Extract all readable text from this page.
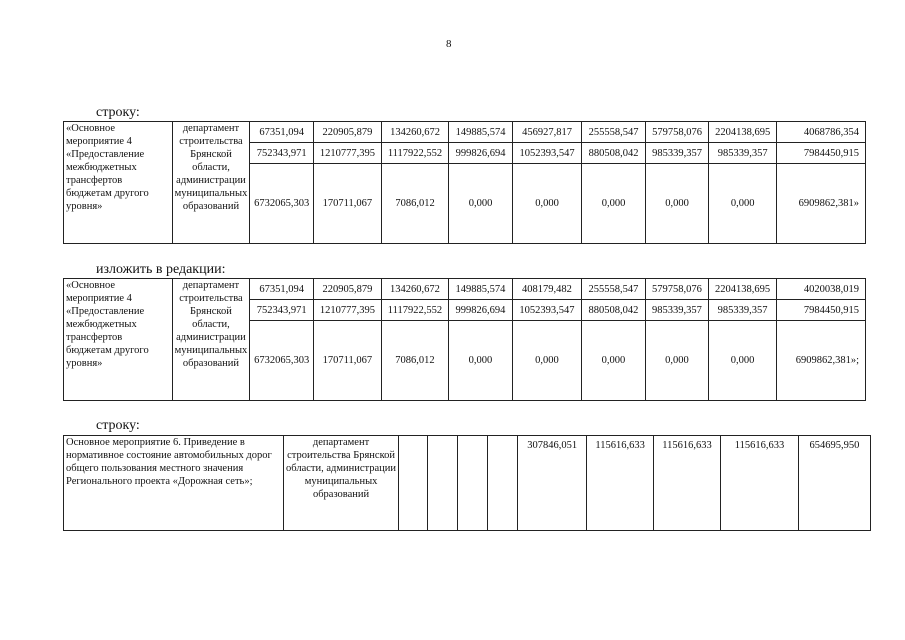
8
строку:
«Основное мероприятие 4 «Предоставление межбюджетных трансфертов бюджетам другого уровня»	департамент строительства Брянской области, администрации муниципальных образований	67351,094	220905,879	134260,672	149885,574	456927,817	255558,547	579758,076	2204138,695	4068786,354
		752343,971	1210777,395	1117922,552	999826,694	1052393,547	880508,042	985339,357	985339,357	7984450,915
		6732065,303	170711,067	7086,012	0,000	0,000	0,000	0,000	0,000	6909862,381»
изложить в редакции:
«Основное мероприятие 4 «Предоставление межбюджетных трансфертов бюджетам другого уровня»	департамент строительства Брянской области, администрации муниципальных образований	67351,094	220905,879	134260,672	149885,574	408179,482	255558,547	579758,076	2204138,695	4020038,019
		752343,971	1210777,395	1117922,552	999826,694	1052393,547	880508,042	985339,357	985339,357	7984450,915
		6732065,303	170711,067	7086,012	0,000	0,000	0,000	0,000	0,000	6909862,381»;
строку:
Основное мероприятие 6. Приведение в нормативное состояние автомобильных дорог общего пользования местного значения Регионального проекта «Дорожная сеть»;	департамент строительства Брянской области, администрации муниципальных образований					307846,051	115616,633	115616,633	115616,633	654695,950
